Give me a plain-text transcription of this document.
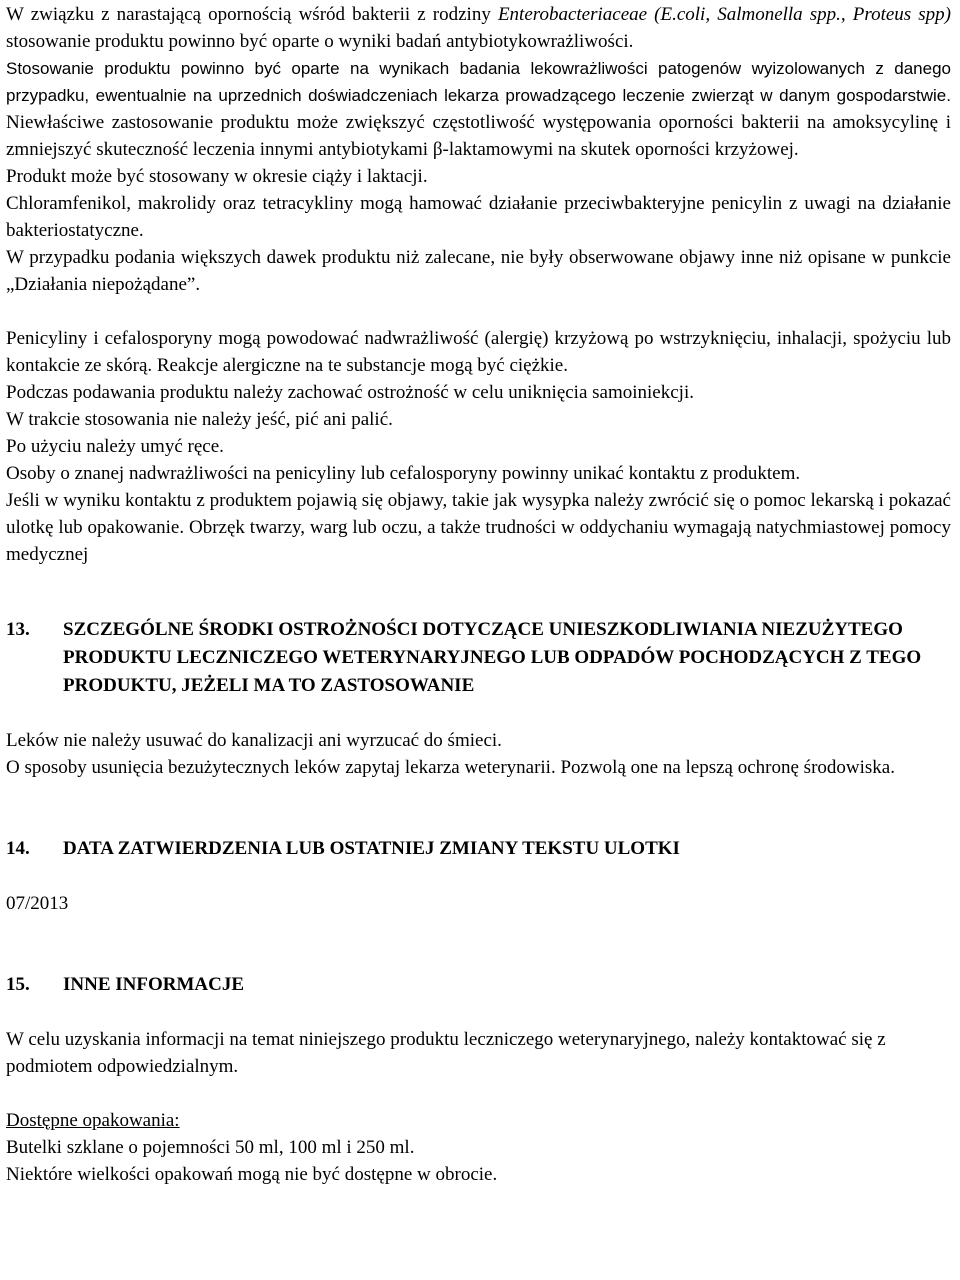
W związku z narastającą opornością wśród bakterii z rodziny Enterobacteriaceae (E.coli, Salmonella spp., Proteus spp) stosowanie produktu powinno być oparte o wyniki badań antybiotykowrażliwości.

Stosowanie produktu powinno być oparte na wynikach badania lekowrażliwości patogenów wyizolowanych z danego przypadku, ewentualnie na uprzednich doświadczeniach lekarza prowadzącego leczenie zwierząt w danym gospodarstwie. Niewłaściwe zastosowanie produktu może zwiększyć częstotliwość występowania oporności bakterii na amoksycylinę i zmniejszyć skuteczność leczenia innymi antybiotykami β-laktamowymi na skutek oporności krzyżowej.

Produkt może być stosowany w okresie ciąży i laktacji.

Chloramfenikol, makrolidy oraz tetracykliny mogą hamować działanie przeciwbakteryjne penicylin z uwagi na działanie bakteriostatyczne.

W przypadku podania większych dawek produktu niż zalecane, nie były obserwowane objawy inne niż opisane w punkcie „Działania niepożądane”.

Penicyliny i cefalosporyny mogą powodować nadwrażliwość (alergię) krzyżową po wstrzyknięciu, inhalacji, spożyciu lub kontakcie ze skórą. Reakcje alergiczne na te substancje mogą być ciężkie.

Podczas podawania produktu należy zachować ostrożność w celu uniknięcia samoiniekcji.

W trakcie stosowania nie należy jeść, pić ani palić.

Po użyciu należy umyć ręce.

Osoby o znanej nadwrażliwości na penicyliny lub cefalosporyny powinny unikać kontaktu z produktem.

Jeśli w wyniku kontaktu z produktem pojawią się objawy, takie jak wysypka należy zwrócić się o pomoc lekarską i pokazać ulotkę lub opakowanie. Obrzęk twarzy, warg lub oczu, a także trudności w oddychaniu wymagają natychmiastowej pomocy medycznej

13.	SZCZEGÓLNE ŚRODKI OSTROŻNOŚCI DOTYCZĄCE UNIESZKODLIWIANIA NIEZUŻYTEGO PRODUKTU LECZNICZEGO WETERYNARYJNEGO LUB ODPADÓW POCHODZĄCYCH Z TEGO PRODUKTU, JEŻELI MA TO ZASTOSOWANIE

Leków nie należy usuwać do kanalizacji ani wyrzucać do śmieci.

O sposoby usunięcia bezużytecznych leków zapytaj lekarza weterynarii. Pozwolą one na lepszą ochronę środowiska.

14.	DATA ZATWIERDZENIA LUB OSTATNIEJ ZMIANY TEKSTU ULOTKI

07/2013

15.	INNE INFORMACJE

W celu uzyskania informacji na temat niniejszego produktu leczniczego weterynaryjnego, należy kontaktować się z podmiotem odpowiedzialnym.

Dostępne opakowania:

Butelki szklane o pojemności 50 ml, 100 ml i 250 ml.

Niektóre wielkości opakowań mogą nie być dostępne w obrocie.
